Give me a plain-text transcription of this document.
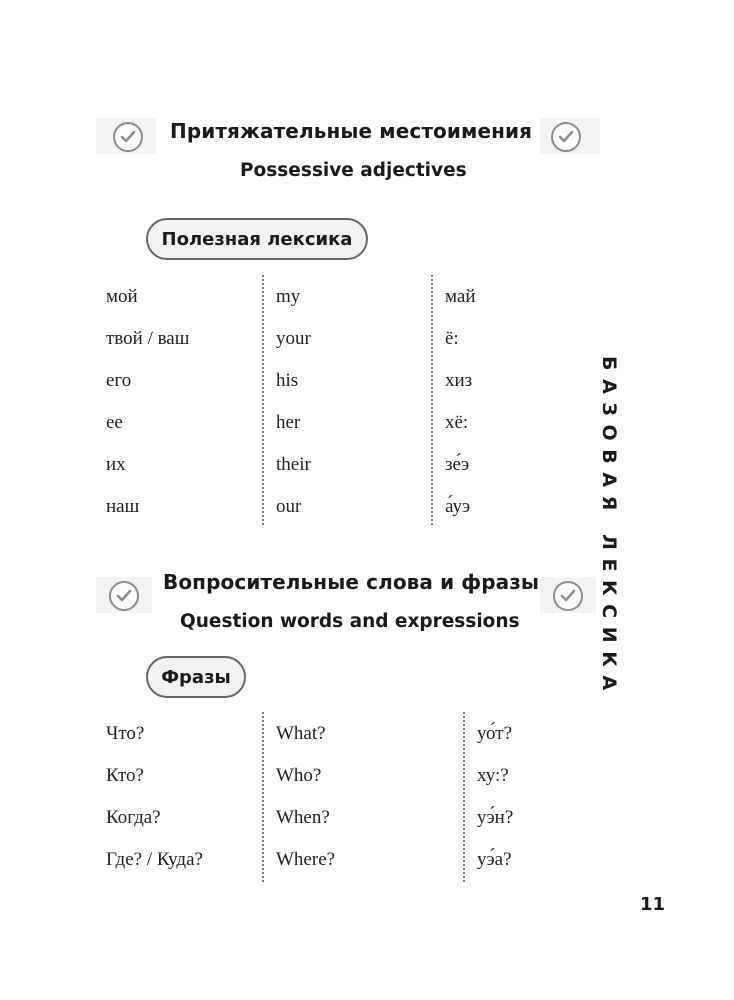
Притяжательные местоимения
Possessive adjectives
Полезная лексика
мой	my	май
твой / ваш	your	ё:
его	his	хиз
ее	her	хё:
их	their	зе́э
наш	our	а́уэ
Вопросительные слова и фразы
Question words and expressions
Фразы
Что?	What?	уо́т?
Кто?	Who?	ху:?
Когда?	When?	уэ́н?
Где? / Куда?	Where?	уэ́а?
БАЗОВАЯ ЛЕКСИКА
11
